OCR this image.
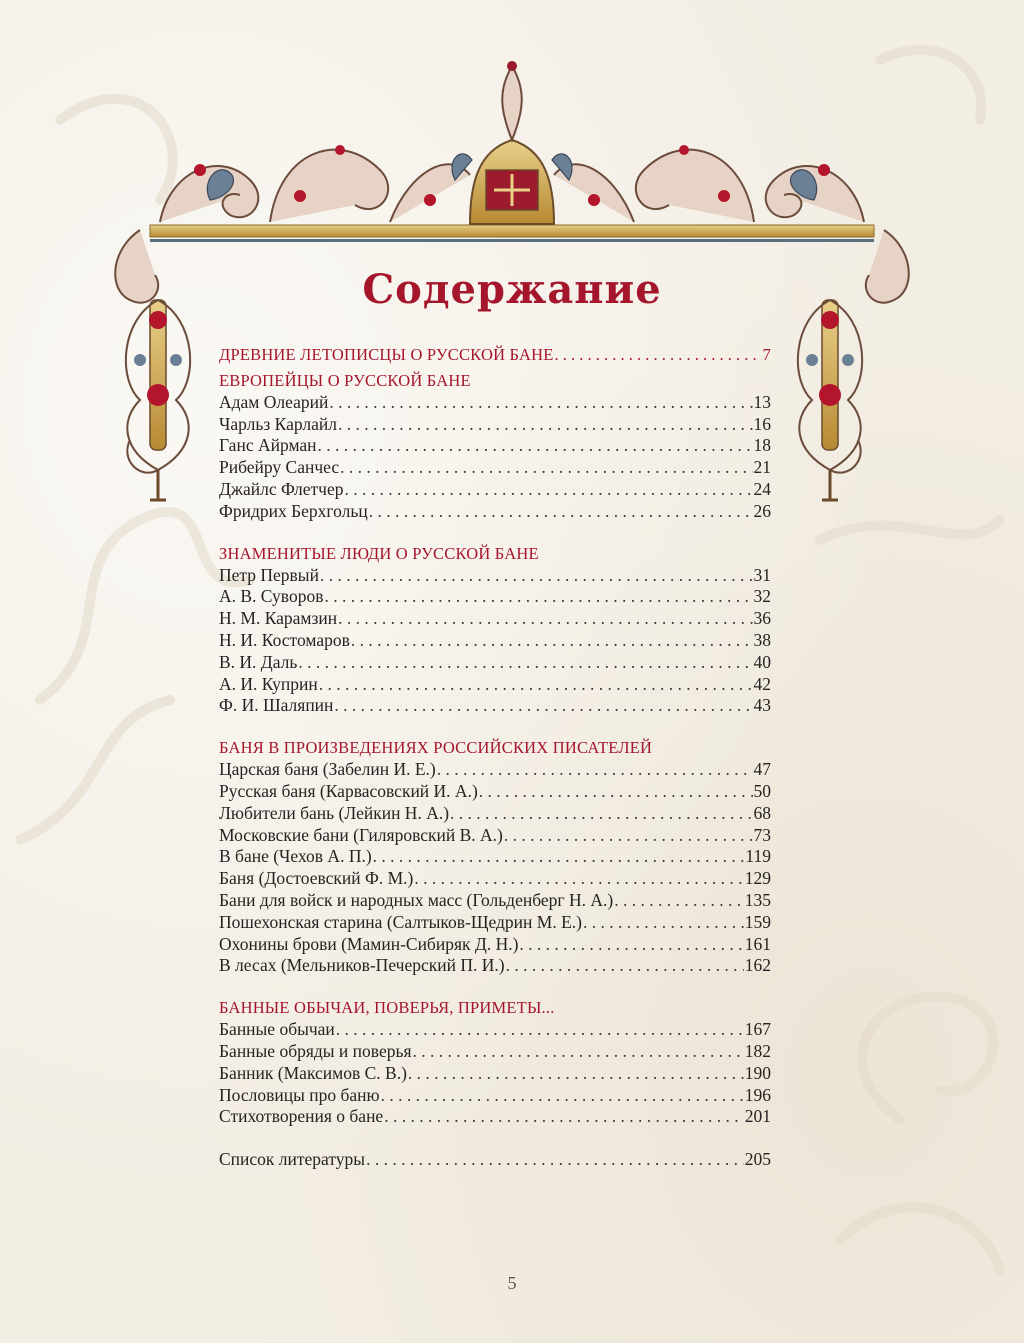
Содержание
ДРЕВНИЕ ЛЕТОПИСЦЫ О РУССКОЙ БАНЕ . . .	7
ЕВРОПЕЙЦЫ О РУССКОЙ БАНЕ
Адам Олеарий . . .	13
Чарльз Карлайл . . .	16
Ганс Айрман . . .	18
Рибейру Санчес . . .	21
Джайлс Флетчер . . .	24
Фридрих Берхгольц . . .	26
ЗНАМЕНИТЫЕ ЛЮДИ О РУССКОЙ БАНЕ
Петр Первый . . .	31
А. В. Суворов . . .	32
Н. М. Карамзин . . .	36
Н. И. Костомаров . . .	38
В. И. Даль . . .	40
А. И. Куприн . . .	42
Ф. И. Шаляпин . . .	43
БАНЯ В ПРОИЗВЕДЕНИЯХ РОССИЙСКИХ ПИСАТЕЛЕЙ
Царская баня (Забелин И. Е.) . . .	47
Русская баня (Карвасовский И. А.) . . .	50
Любители бань (Лейкин Н. А.) . . .	68
Московские бани (Гиляровский В. А.) . . .	73
В бане (Чехов А. П.) . . .	119
Баня (Достоевский Ф. М.) . . .	129
Бани для войск и народных масс (Гольденберг Н. А.) . . .	135
Пошехонская старина (Салтыков-Щедрин М. Е.) . . .	159
Охонины брови (Мамин-Сибиряк Д. Н.) . . .	161
В лесах (Мельников-Печерский П. И.) . . .	162
БАННЫЕ ОБЫЧАИ, ПОВЕРЬЯ, ПРИМЕТЫ...
Банные обычаи . . .	167
Банные обряды и поверья . . .	182
Банник (Максимов С. В.) . . .	190
Пословицы про баню . . .	196
Стихотворения о бане . . .	201
Список литературы . . .	205
5
